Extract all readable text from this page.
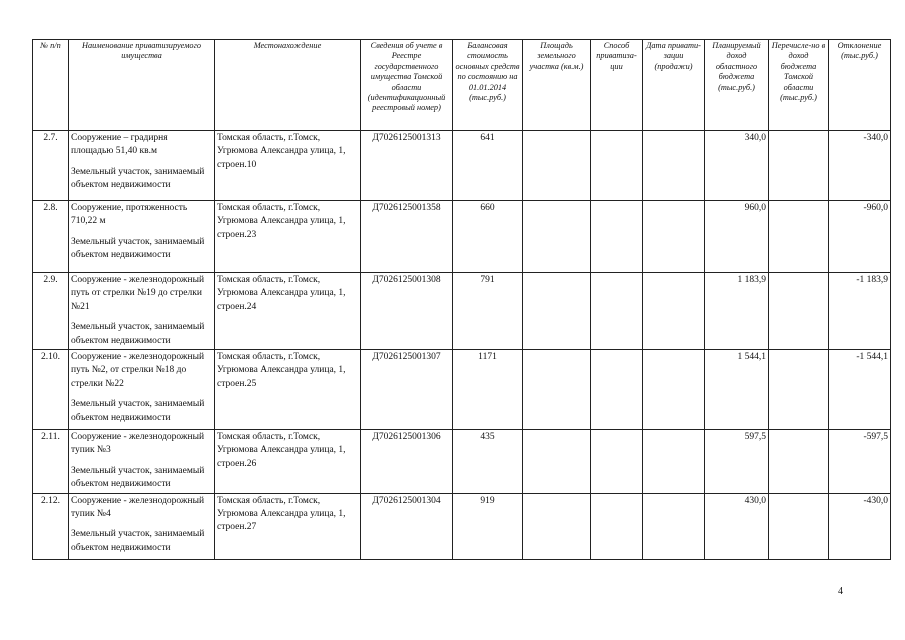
№ п/п	Наименование приватизируемого имущества	Местонахождение	Сведения об учете в Реестре государственного имущества Томской области (идентификационный реестровый номер)	Балансовая стоимость основных средств по состоянию на 01.01.2014 (тыс.руб.)	Площадь земельного участка (кв.м.)	Способ приватиза-ции	Дата привати-зации (продажи)	Планируемый доход областного бюджета (тыс.руб.)	Перечисле-но в доход бюджета Томской области (тыс.руб.)	Отклонение (тыс.руб.)
2.7.	Сооружение – градирня площадью 51,40 кв.м
Земельный участок, занимаемый объектом недвижимости	Томская область, г.Томск, Угрюмова Александра улица, 1, строен.10	Д7026125001313	641				340,0		-340,0
2.8.	Сооружение, протяженность 710,22 м
Земельный участок, занимаемый объектом недвижимости	Томская область, г.Томск, Угрюмова Александра улица, 1, строен.23	Д7026125001358	660				960,0		-960,0
2.9.	Сооружение - железнодорожный путь от стрелки №19 до стрелки №21
Земельный участок, занимаемый объектом недвижимости	Томская область, г.Томск, Угрюмова Александра улица, 1, строен.24	Д7026125001308	791				1 183,9		-1 183,9
2.10.	Сооружение - железнодорожный путь №2, от стрелки №18 до стрелки №22
Земельный участок, занимаемый объектом недвижимости	Томская область, г.Томск, Угрюмова Александра улица, 1, строен.25	Д7026125001307	1171				1 544,1		-1 544,1
2.11.	Сооружение - железнодорожный тупик №3
Земельный участок, занимаемый объектом недвижимости	Томская область, г.Томск, Угрюмова Александра улица, 1, строен.26	Д7026125001306	435				597,5		-597,5
2.12.	Сооружение - железнодорожный тупик №4
Земельный участок, занимаемый объектом недвижимости	Томская область, г.Томск, Угрюмова Александра улица, 1, строен.27	Д7026125001304	919				430,0		-430,0
4
